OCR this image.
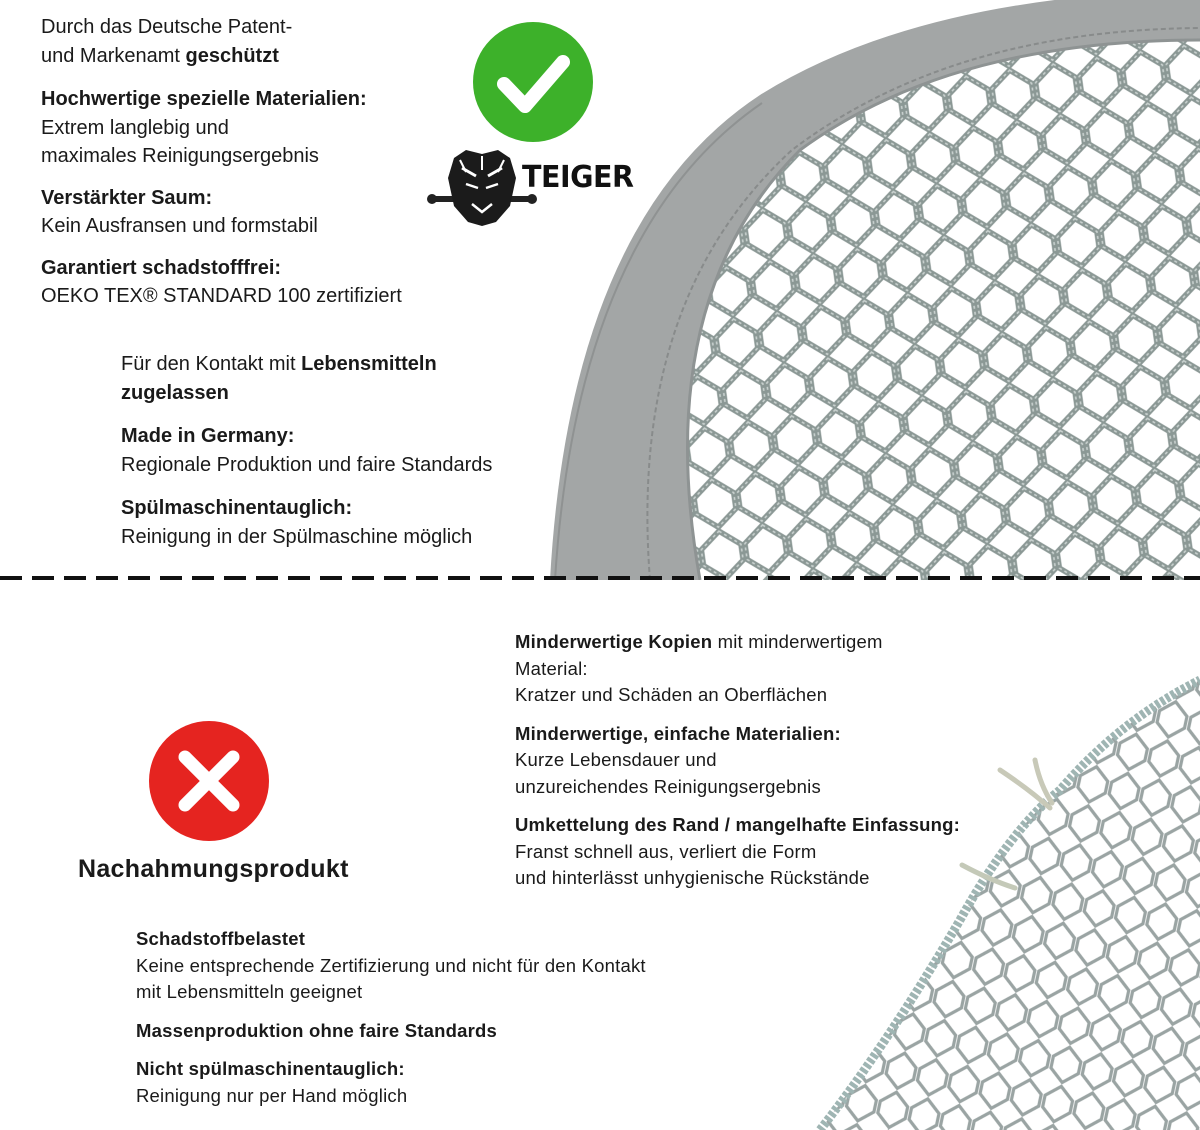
Durch das Deutsche Patent-

und Markenamt geschützt

Hochwertige spezielle Materialien:

Extrem langlebig und

maximales Reinigungsergebnis

Verstärkter Saum:

Kein Ausfransen und formstabil

Garantiert schadstofffrei:

OEKO TEX® STANDARD 100 zertifiziert

Für den Kontakt mit Lebensmitteln

zugelassen

Made in Germany:

Regionale Produktion und faire Standards

Spülmaschinentauglich:

Reinigung in der Spülmaschine möglich

TEIGER
Nachahmungsprodukt

Minderwertige Kopien mit minderwertigem

Material:

Kratzer und Schäden an Oberflächen

Minderwertige, einfache Materialien:

Kurze Lebensdauer und

unzureichendes Reinigungsergebnis

Umkettelung des Rand / mangelhafte Einfassung:

Franst schnell aus, verliert die Form

und hinterlässt unhygienische Rückstände

Schadstoffbelastet

Keine entsprechende Zertifizierung und nicht für den Kontakt

mit Lebensmitteln geeignet

Massenproduktion ohne faire Standards

Nicht spülmaschinentauglich:

Reinigung nur per Hand möglich
